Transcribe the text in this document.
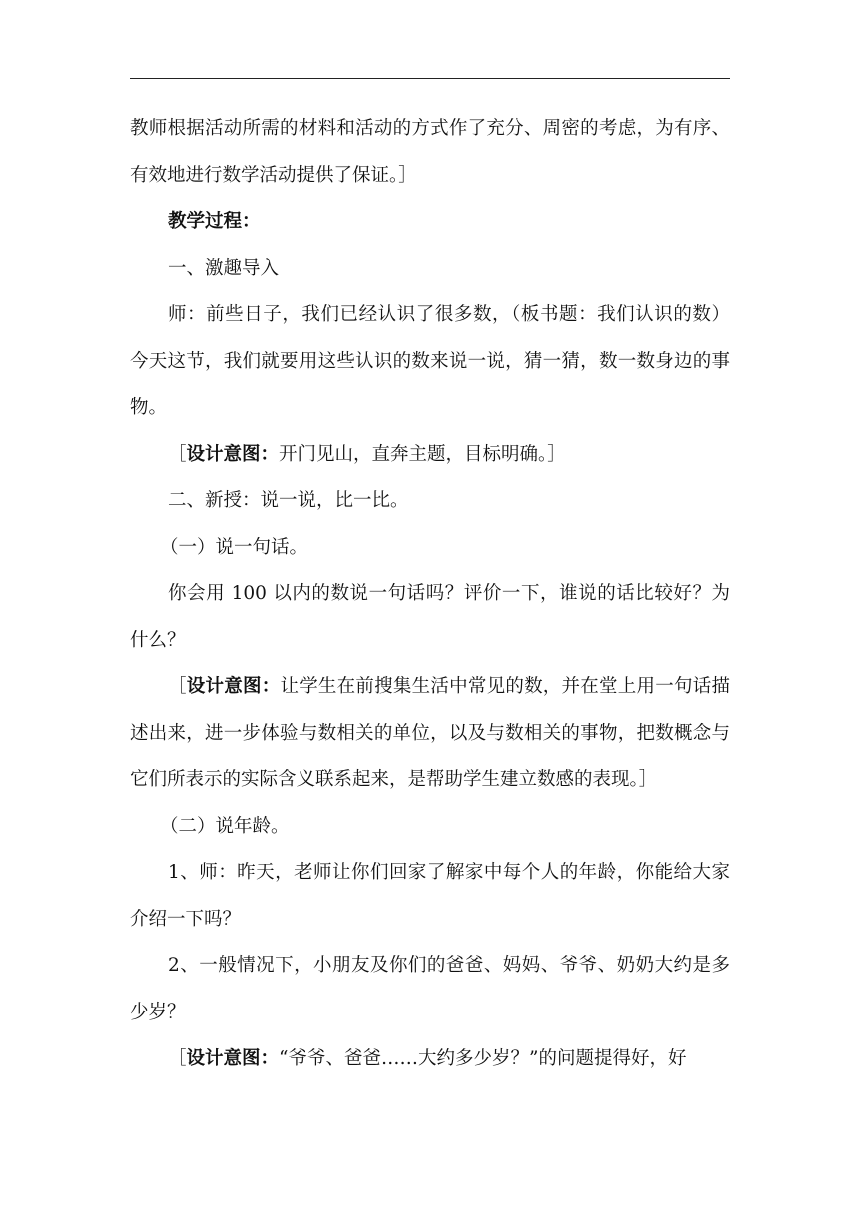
教师根据活动所需的材料和活动的方式作了充分、周密的考虑，为有序、有效地进行数学活动提供了保证。］

教学过程：

一、激趣导入

师：前些日子，我们已经认识了很多数，（板书题：我们认识的数）今天这节，我们就要用这些认识的数来说一说，猜一猜，数一数身边的事物。

［设计意图：开门见山，直奔主题，目标明确。］

二、新授：说一说，比一比。

（一）说一句话。

你会用 100 以内的数说一句话吗？评价一下，谁说的话比较好？为什么？

［设计意图：让学生在前搜集生活中常见的数，并在堂上用一句话描述出来，进一步体验与数相关的单位，以及与数相关的事物，把数概念与它们所表示的实际含义联系起来，是帮助学生建立数感的表现。］

（二）说年龄。

1、师：昨天，老师让你们回家了解家中每个人的年龄，你能给大家介绍一下吗？

2、一般情况下，小朋友及你们的爸爸、妈妈、爷爷、奶奶大约是多少岁？

［设计意图：“爷爷、爸爸……大约多少岁？”的问题提得好，好
